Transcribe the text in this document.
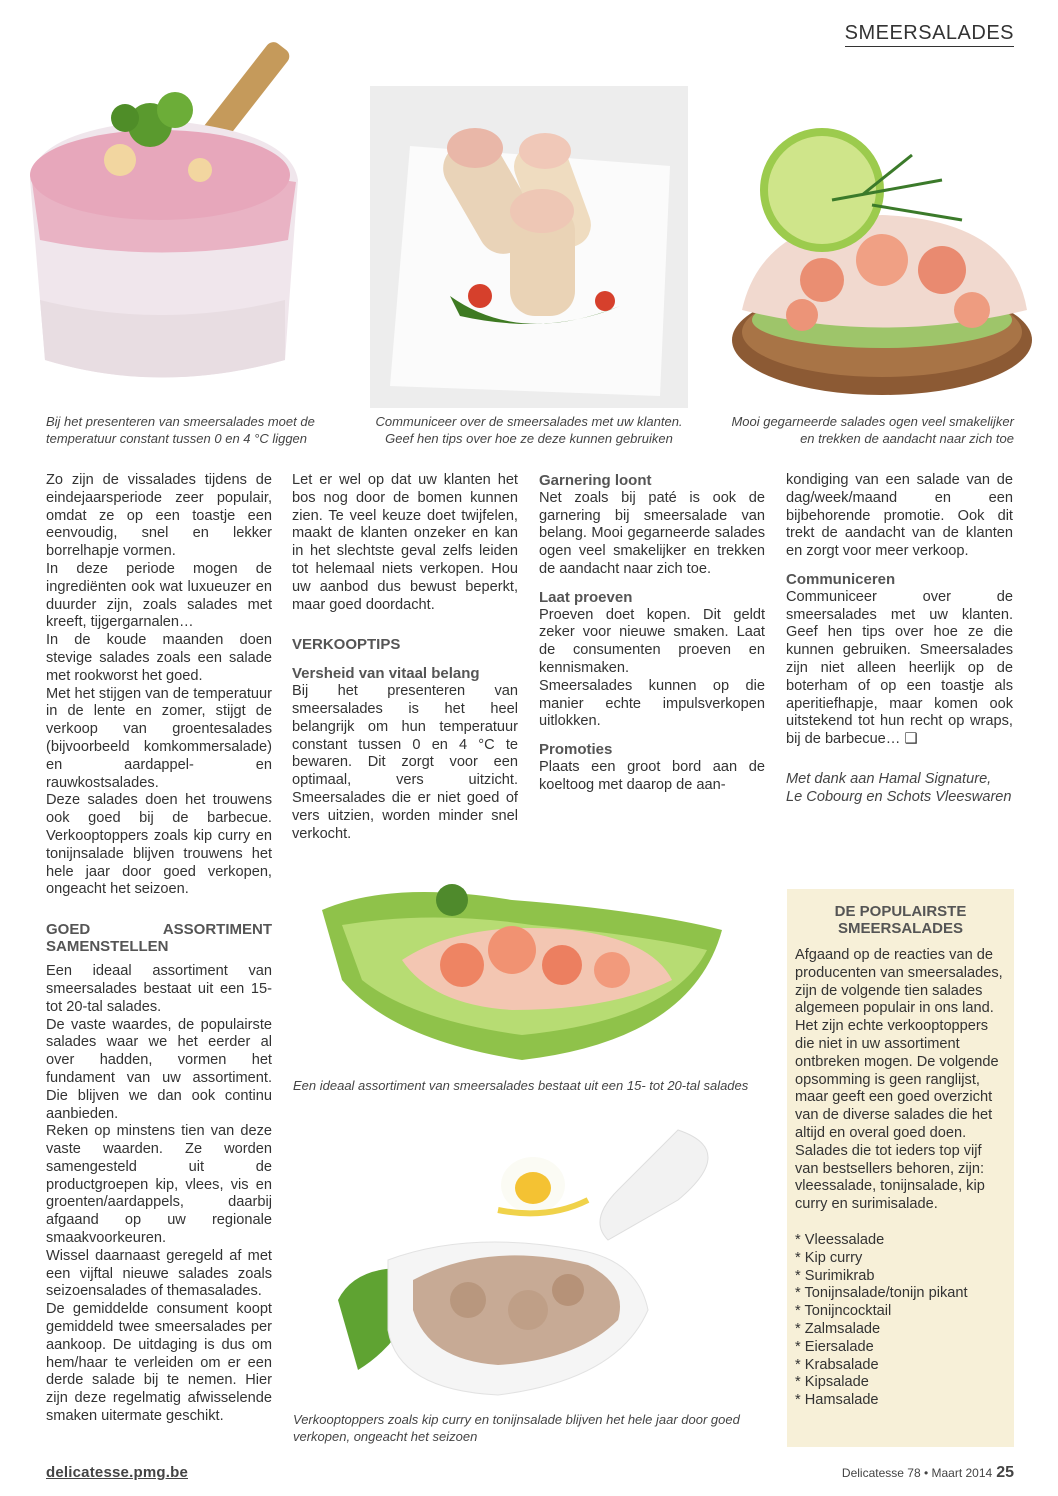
SMEERSALADES
Bij het presenteren van smeersalades moet de temperatuur constant tussen 0 en 4 °C liggen
Communiceer over de smeersalades met uw klanten. Geef hen tips over hoe ze deze kunnen gebruiken
Mooi gegarneerde salades ogen veel smakelijker en trekken de aandacht naar zich toe

Zo zijn de vissalades tijdens de eindejaarsperiode zeer populair, omdat ze op een toastje een eenvoudig, snel en lekker borrelhapje vormen.

In deze periode mogen de ingrediënten ook wat luxueuzer en duurder zijn, zoals salades met kreeft, tijgergarnalen…

In de koude maanden doen stevige salades zoals een salade met rookworst het goed.

Met het stijgen van de temperatuur in de lente en zomer, stijgt de verkoop van groentesalades (bijvoorbeeld komkommersalade) en aardappel- en rauwkostsalades.

Deze salades doen het trouwens ook goed bij de barbecue. Verkooptoppers zoals kip curry en tonijnsalade blijven trouwens het hele jaar door goed verkopen, ongeacht het seizoen.

GOED ASSORTIMENT SAMENSTELLEN

Een ideaal assortiment van smeersalades bestaat uit een 15- tot 20-tal salades.

De vaste waardes, de populairste salades waar we het eerder al over hadden, vormen het fundament van uw assortiment. Die blijven we dan ook continu aanbieden.

Reken op minstens tien van deze vaste waarden. Ze worden samengesteld uit de productgroepen kip, vlees, vis en groenten/aardappels, daarbij afgaand op uw regionale smaakvoorkeuren.

Wissel daarnaast geregeld af met een vijftal nieuwe salades zoals seizoensalades of themasalades.

De gemiddelde consument koopt gemiddeld twee smeersalades per aankoop. De uitdaging is dus om hem/haar te verleiden om er een derde salade bij te nemen. Hier zijn deze regelmatig afwisselende smaken uitermate geschikt.

Let er wel op dat uw klanten het bos nog door de bomen kunnen zien. Te veel keuze doet twijfelen, maakt de klanten onzeker en kan in het slechtste geval zelfs leiden tot helemaal niets verkopen. Hou uw aanbod dus bewust beperkt, maar goed doordacht.

VERKOOPTIPS

Versheid van vitaal belang

Bij het presenteren van smeersalades is het heel belangrijk om hun temperatuur constant tussen 0 en 4 °C te bewaren. Dit zorgt voor een optimaal, vers uitzicht. Smeersalades die er niet goed of vers uitzien, worden minder snel verkocht.

Garnering loont

Net zoals bij paté is ook de garnering bij smeersalade van belang. Mooi gegarneerde salades ogen veel smakelijker en trekken de aandacht naar zich toe.

Laat proeven

Proeven doet kopen. Dit geldt zeker voor nieuwe smaken. Laat de consumenten proeven en kennismaken.

Smeersalades kunnen op die manier echte impulsverkopen uitlokken.

Promoties

Plaats een groot bord aan de koeltoog met daarop de aan-

kondiging van een salade van de dag/week/maand en een bijbehorende promotie. Ook dit trekt de aandacht van de klanten en zorgt voor meer verkoop.

Communiceren

Communiceer over de smeersalades met uw klanten. Geef hen tips over hoe ze die kunnen gebruiken. Smeersalades zijn niet alleen heerlijk op de boterham of op een toastje als aperitiefhapje, maar komen ook uitstekend tot hun recht op wraps, bij de barbecue… ❑

Met dank aan Hamal Signature,

Le Cobourg en Schots Vleeswaren

Een ideaal assortiment van smeersalades bestaat uit een 15- tot 20-tal salades
Verkooptoppers zoals kip curry en tonijnsalade blijven het hele jaar door goed verkopen, ongeacht het seizoen
DE POPULAIRSTE SMEERSALADES

Afgaand op de reacties van de producenten van smeersalades, zijn de volgende tien salades algemeen populair in ons land. Het zijn echte verkooptoppers die niet in uw assortiment ontbreken mogen. De volgende opsomming is geen ranglijst, maar geeft een goed overzicht van de diverse salades die het altijd en overal goed doen. Salades die tot ieders top vijf van bestsellers behoren, zijn: vleessalade, tonijnsalade, kip curry en surimisalade.

* Vleessalade
* Kip curry
* Surimikrab
* Tonijnsalade/tonijn pikant
* Tonijncocktail
* Zalmsalade
* Eiersalade
* Krabsalade
* Kipsalade
* Hamsalade
delicatesse.pmg.be	Delicatesse 78 • Maart 2014 25
